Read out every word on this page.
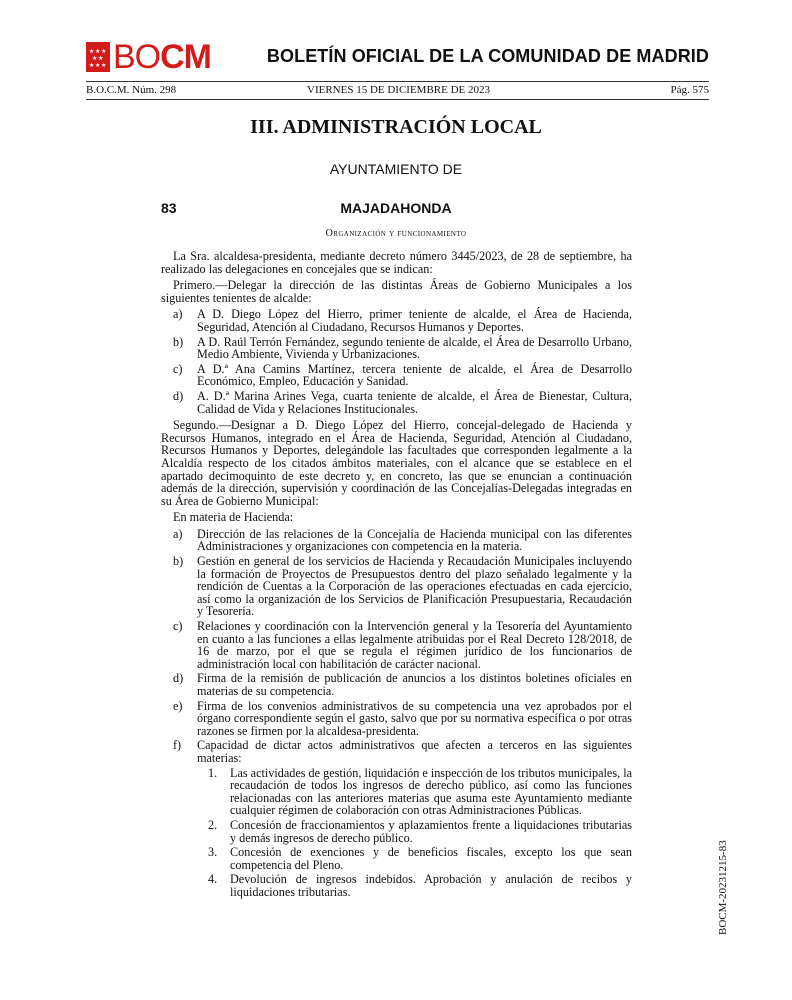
★ ★ ★
★ ★
★ ★ ★ BOCM	BOLETÍN OFICIAL DE LA COMUNIDAD DE MADRID
B.O.C.M. Núm. 298	VIERNES 15 DE DICIEMBRE DE 2023	Pág. 575
III. ADMINISTRACIÓN LOCAL
AYUNTAMIENTO DE
83	MAJADAHONDA
Organización y funcionamiento

La Sra. alcaldesa-presidenta, mediante decreto número 3445/2023, de 28 de septiembre, ha realizado las delegaciones en concejales que se indican:

Primero.—Delegar la dirección de las distintas Áreas de Gobierno Municipales a los siguientes tenientes de alcalde:

a)	A D. Diego López del Hierro, primer teniente de alcalde, el Área de Hacienda, Seguridad, Atención al Ciudadano, Recursos Humanos y Deportes.
b)	A D. Raúl Terrón Fernández, segundo teniente de alcalde, el Área de Desarrollo Urbano, Medio Ambiente, Vivienda y Urbanizaciones.
c)	A D.ª Ana Camins Martínez, tercera teniente de alcalde, el Área de Desarrollo Económico, Empleo, Educación y Sanidad.
d)	A. D.ª Marina Arines Vega, cuarta teniente de alcalde, el Área de Bienestar, Cultura, Calidad de Vida y Relaciones Institucionales.

Segundo.—Designar a D. Diego López del Hierro, concejal-delegado de Hacienda y Recursos Humanos, integrado en el Área de Hacienda, Seguridad, Atención al Ciudadano, Recursos Humanos y Deportes, delegándole las facultades que corresponden legalmente a la Alcaldía respecto de los citados ámbitos materiales, con el alcance que se establece en el apartado decimoquinto de este decreto y, en concreto, las que se enuncian a continuación además de la dirección, supervisión y coordinación de las Concejalías-Delegadas integradas en su Área de Gobierno Municipal:

En materia de Hacienda:

a)	Dirección de las relaciones de la Concejalía de Hacienda municipal con las diferentes Administraciones y organizaciones con competencia en la materia.
b)	Gestión en general de los servicios de Hacienda y Recaudación Municipales incluyendo la formación de Proyectos de Presupuestos dentro del plazo señalado legalmente y la rendición de Cuentas a la Corporación de las operaciones efectuadas en cada ejercicio, así como la organización de los Servicios de Planificación Presupuestaria, Recaudación y Tesorería.
c)	Relaciones y coordinación con la Intervención general y la Tesorería del Ayuntamiento en cuanto a las funciones a ellas legalmente atribuidas por el Real Decreto 128/2018, de 16 de marzo, por el que se regula el régimen jurídico de los funcionarios de administración local con habilitación de carácter nacional.
d)	Firma de la remisión de publicación de anuncios a los distintos boletines oficiales en materias de su competencia.
e)	Firma de los convenios administrativos de su competencia una vez aprobados por el órgano correspondiente según el gasto, salvo que por su normativa específica o por otras razones se firmen por la alcaldesa-presidenta.
f)	Capacidad de dictar actos administrativos que afecten a terceros en las siguientes materias:
1.	Las actividades de gestión, liquidación e inspección de los tributos municipales, la recaudación de todos los ingresos de derecho público, así como las funciones relacionadas con las anteriores materias que asuma este Ayuntamiento mediante cualquier régimen de colaboración con otras Administraciones Públicas.
2.	Concesión de fraccionamientos y aplazamientos frente a liquidaciones tributarias y demás ingresos de derecho público.
3.	Concesión de exenciones y de beneficios fiscales, excepto los que sean competencia del Pleno.
4.	Devolución de ingresos indebidos. Aprobación y anulación de recibos y liquidaciones tributarias.	BOCM-20231215-83
